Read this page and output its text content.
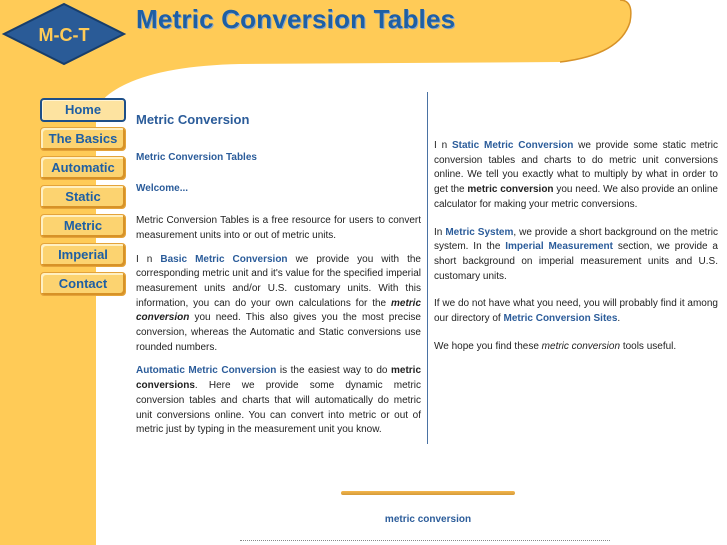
M-C-T
Metric Conversion Tables
Home
The Basics
Automatic
Static
Metric
Imperial
Contact
Metric Conversion
Metric Conversion Tables
Welcome...

Metric Conversion Tables is a free resource for users to convert measurement units into or out of metric units.

I n Basic Metric Conversion we provide you with the corresponding metric unit and it's value for the specified imperial measurement units and/or U.S. customary units. With this information, you can do your own calculations for the metric conversion you need. This also gives you the most precise conversion, whereas the Automatic and Static conversions use rounded numbers.

Automatic Metric Conversion is the easiest way to do metric conversions. Here we provide some dynamic metric conversion tables and charts that will automatically do metric unit conversions online. You can convert into metric or out of metric just by typing in the measurement unit you know.

I n Static Metric Conversion we provide some static metric conversion tables and charts to do metric unit conversions online. We tell you exactly what to multiply by what in order to get the metric conversion you need. We also provide an online calculator for making your metric conversions.

In Metric System, we provide a short background on the metric system. In the Imperial Measurement section, we provide a short background on imperial measurement units and U.S. customary units.

If we do not have what you need, you will probably find it among our directory of Metric Conversion Sites.

We hope you find these metric conversion tools useful.

metric conversion
